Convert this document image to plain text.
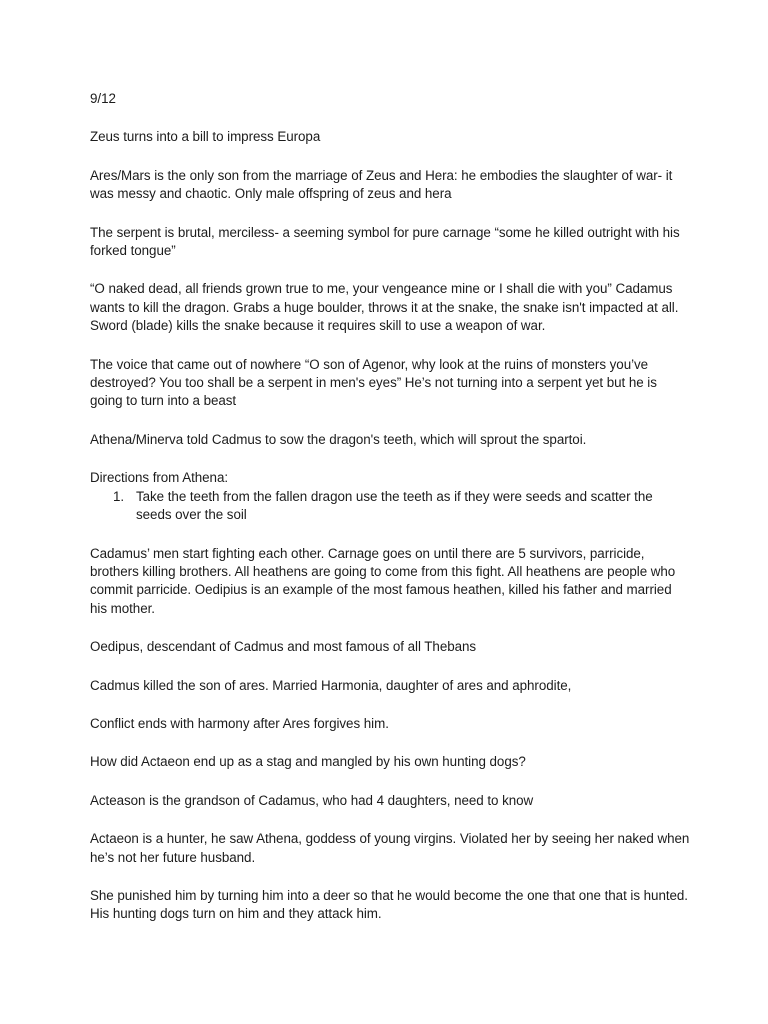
9/12

Zeus turns into a bill to impress Europa

Ares/Mars is the only son from the marriage of Zeus and Hera: he embodies the slaughter of war- it was messy and chaotic. Only male offspring of zeus and hera

The serpent is brutal, merciless- a seeming symbol for pure carnage “some he killed outright with his forked tongue”

“O naked dead, all friends grown true to me, your vengeance mine or I shall die with you” Cadamus wants to kill the dragon. Grabs a huge boulder, throws it at the snake, the snake isn't impacted at all. Sword (blade) kills the snake because it requires skill to use a weapon of war.

The voice that came out of nowhere “O son of Agenor, why look at the ruins of monsters you’ve destroyed? You too shall be a serpent in men's eyes” He’s not turning into a serpent yet but he is going to turn into a beast

Athena/Minerva told Cadmus to sow the dragon's teeth, which will sprout the spartoi.

Directions from Athena:

1. Take the teeth from the fallen dragon use the teeth as if they were seeds and scatter the seeds over the soil

Cadamus’ men start fighting each other. Carnage goes on until there are 5 survivors, parricide, brothers killing brothers. All heathens are going to come from this fight. All heathens are people who commit parricide. Oedipius is an example of the most famous heathen, killed his father and married his mother.

Oedipus, descendant of Cadmus and most famous of all Thebans

Cadmus killed the son of ares. Married Harmonia, daughter of ares and aphrodite,

Conflict ends with harmony after Ares forgives him.

How did Actaeon end up as a stag and mangled by his own hunting dogs?

Acteason is the grandson of Cadamus, who had 4 daughters, need to know

Actaeon is a hunter, he saw Athena, goddess of young virgins. Violated her by seeing her naked when he’s not her future husband.

She punished him by turning him into a deer so that he would become the one that one that is hunted. His hunting dogs turn on him and they attack him.
